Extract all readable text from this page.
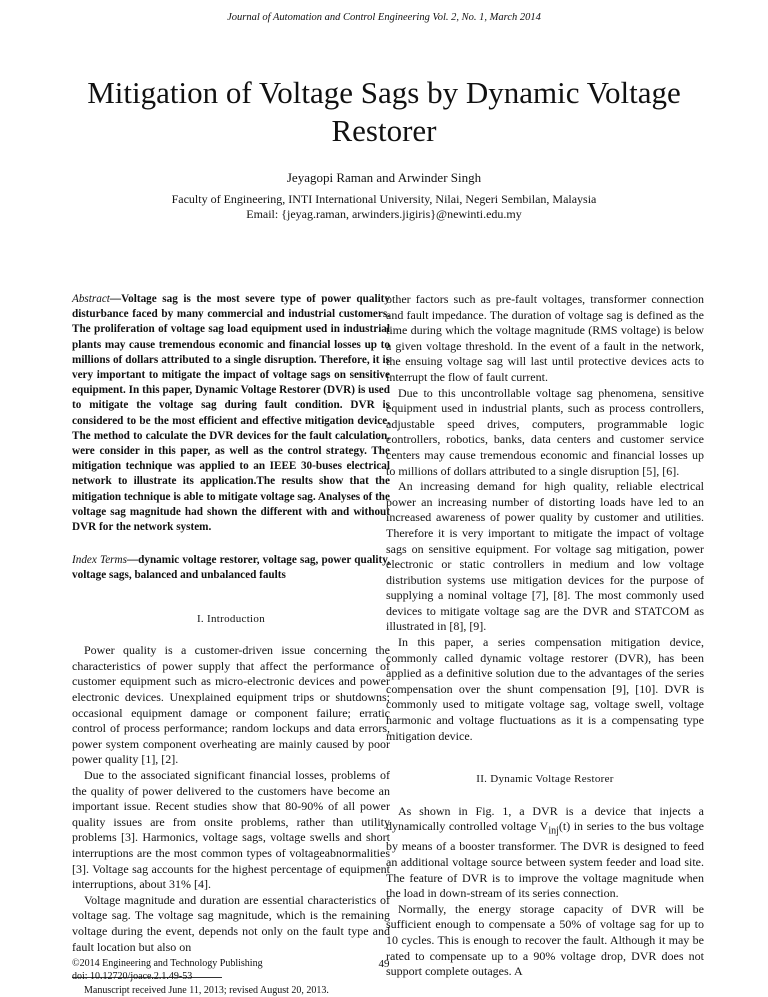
Journal of Automation and Control Engineering Vol. 2, No. 1, March 2014
Mitigation of Voltage Sags by Dynamic Voltage Restorer
Jeyagopi Raman and Arwinder Singh
Faculty of Engineering, INTI International University, Nilai, Negeri Sembilan, Malaysia
Email: {jeyag.raman, arwinders.jigiris}@newinti.edu.my

Abstract—Voltage sag is the most severe type of power quality disturbance faced by many commercial and industrial customers. The proliferation of voltage sag load equipment used in industrial plants may cause tremendous economic and financial losses up to millions of dollars attributed to a single disruption. Therefore, it is very important to mitigate the impact of voltage sags on sensitive equipment. In this paper, Dynamic Voltage Restorer (DVR) is used to mitigate the voltage sag during fault condition. DVR is considered to be the most efficient and effective mitigation device. The method to calculate the DVR devices for the fault calculation, were consider in this paper, as well as the control strategy. The mitigation technique was applied to an IEEE 30-buses electrical network to illustrate its application.The results show that the mitigation technique is able to mitigate voltage sag. Analyses of the voltage sag magnitude had shown the different with and without DVR for the network system.

Index Terms—dynamic voltage restorer, voltage sag, power quality, voltage sags, balanced and unbalanced faults

I. Introduction

Power quality is a customer-driven issue concerning the characteristics of power supply that affect the performance of customer equipment such as micro-electronic devices and power electronic devices. Unexplained equipment trips or shutdowns; occasional equipment damage or component failure; erratic control of process performance; random lockups and data errors, power system component overheating are mainly caused by poor power quality [1], [2].

Due to the associated significant financial losses, problems of the quality of power delivered to the customers have become an important issue. Recent studies show that 80-90% of all power quality issues are from onsite problems, rather than utility problems [3]. Harmonics, voltage sags, voltage swells and short interruptions are the most common types of voltageabnormalities [3]. Voltage sag accounts for the highest percentage of equipment interruptions, about 31% [4].

Voltage magnitude and duration are essential characteristics of voltage sag. The voltage sag magnitude, which is the remaining voltage during the event, depends not only on the fault type and fault location but also on

Manuscript received June 11, 2013; revised August 20, 2013.

other factors such as pre-fault voltages, transformer connection and fault impedance. The duration of voltage sag is defined as the time during which the voltage magnitude (RMS voltage) is below a given voltage threshold. In the event of a fault in the network, the ensuing voltage sag will last until protective devices acts to interrupt the flow of fault current.

Due to this uncontrollable voltage sag phenomena, sensitive equipment used in industrial plants, such as process controllers, adjustable speed drives, computers, programmable logic controllers, robotics, banks, data centers and customer service centers may cause tremendous economic and financial losses up to millions of dollars attributed to a single disruption [5], [6].

An increasing demand for high quality, reliable electrical power an increasing number of distorting loads have led to an increased awareness of power quality by customer and utilities. Therefore it is very important to mitigate the impact of voltage sags on sensitive equipment. For voltage sag mitigation, power electronic or static controllers in medium and low voltage distribution systems use mitigation devices for the purpose of supplying a nominal voltage [7], [8]. The most commonly used devices to mitigate voltage sag are the DVR and STATCOM as illustrated in [8], [9].

In this paper, a series compensation mitigation device, commonly called dynamic voltage restorer (DVR), has been applied as a definitive solution due to the advantages of the series compensation over the shunt compensation [9], [10]. DVR is commonly used to mitigate voltage sag, voltage swell, voltage harmonic and voltage fluctuations as it is a compensating type mitigation device.

II. Dynamic Voltage Restorer

As shown in Fig. 1, a DVR is a device that injects a dynamically controlled voltage $V_{inj}(t)$ in series to the bus voltage by means of a booster transformer. The DVR is designed to feed an additional voltage source between system feeder and load site. The feature of DVR is to improve the voltage magnitude when the load in down-stream of its series connection.

Normally, the energy storage capacity of DVR will be sufficient enough to compensate a 50% of voltage sag for up to 10 cycles. This is enough to recover the fault. Although it may be rated to compensate up to a 90% voltage drop, DVR does not support complete outages. A

©2014 Engineering and Technology Publishing
doi: 10.12720/joace.2.1.49-53
49
